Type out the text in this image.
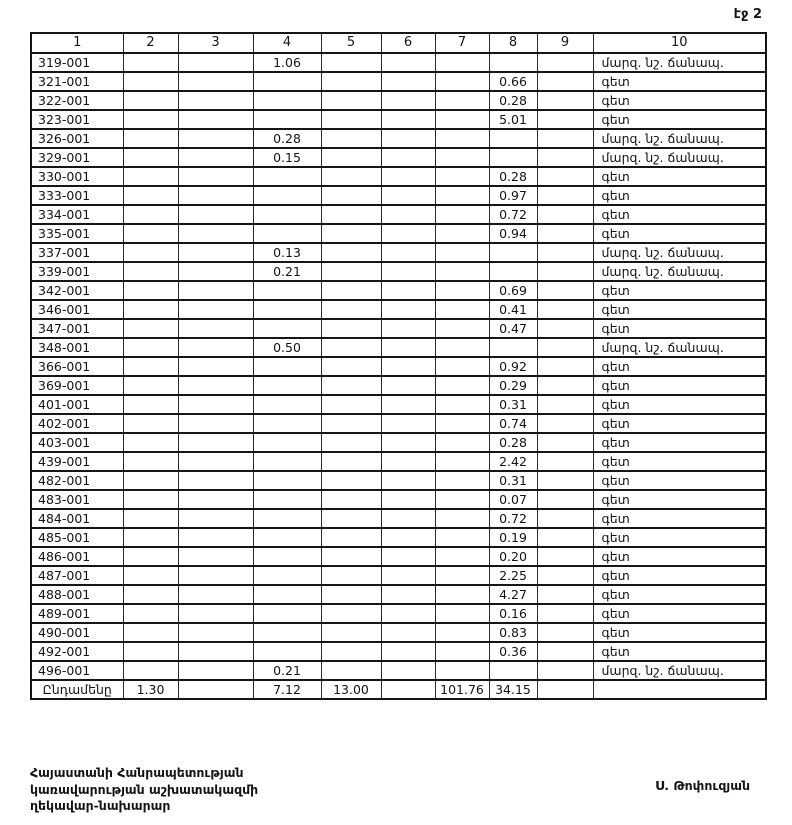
էջ 2
1	2	3	4	5	6	7	8	9	10
319-001			1.06						մարզ. նշ. ճանապ.
321-001							0.66		գետ
322-001							0.28		գետ
323-001							5.01		գետ
326-001			0.28						մարզ. նշ. ճանապ.
329-001			0.15						մարզ. նշ. ճանապ.
330-001							0.28		գետ
333-001							0.97		գետ
334-001							0.72		գետ
335-001							0.94		գետ
337-001			0.13						մարզ. նշ. ճանապ.
339-001			0.21						մարզ. նշ. ճանապ.
342-001							0.69		գետ
346-001							0.41		գետ
347-001							0.47		գետ
348-001			0.50						մարզ. նշ. ճանապ.
366-001							0.92		գետ
369-001							0.29		գետ
401-001							0.31		գետ
402-001							0.74		գետ
403-001							0.28		գետ
439-001							2.42		գետ
482-001							0.31		գետ
483-001							0.07		գետ
484-001							0.72		գետ
485-001							0.19		գետ
486-001							0.20		գետ
487-001							2.25		գետ
488-001							4.27		գետ
489-001							0.16		գետ
490-001							0.83		գետ
492-001							0.36		գետ
496-001			0.21						մարզ. նշ. ճանապ.
Ընդամենը	1.30		7.12	13.00		101.76	34.15		
Հայաստանի Հանրապետության
կառավարության աշխատակազմի
ղեկավար-նախարար
Ս. Թոփուզյան
